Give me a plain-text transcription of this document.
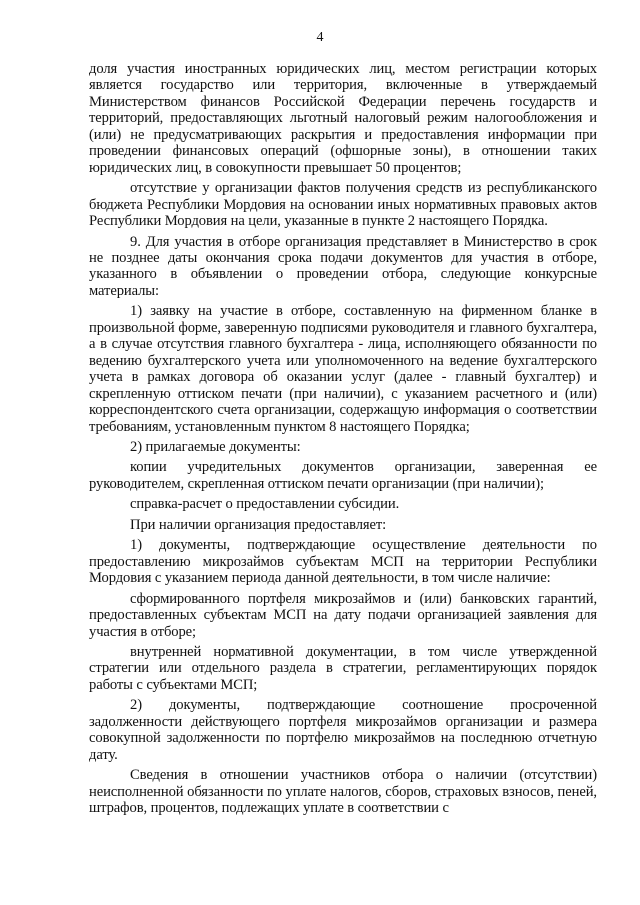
4

доля участия иностранных юридических лиц, местом регистрации которых является государство или территория, включенные в утверждаемый Министерством финансов Российской Федерации перечень государств и территорий, предоставляющих льготный налоговый режим налогообложения и (или) не предусматривающих раскрытия и предоставления информации при проведении финансовых операций (офшорные зоны), в отношении таких юридических лиц, в совокупности превышает 50 процентов;

отсутствие у организации фактов получения средств из республиканского бюджета Республики Мордовия на основании иных нормативных правовых актов Республики Мордовия на цели, указанные в пункте 2 настоящего Порядка.

9. Для участия в отборе организация представляет в Министерство в срок не позднее даты окончания срока подачи документов для участия в отборе, указанного в объявлении о проведении отбора, следующие конкурсные материалы:

1) заявку на участие в отборе, составленную на фирменном бланке в произвольной форме, заверенную подписями руководителя и главного бухгалтера, а в случае отсутствия главного бухгалтера - лица, исполняющего обязанности по ведению бухгалтерского учета или уполномоченного на ведение бухгалтерского учета в рамках договора об оказании услуг (далее - главный бухгалтер) и скрепленную оттиском печати (при наличии), с указанием расчетного и (или) корреспондентского счета организации, содержащую информация о соответствии требованиям, установленным пунктом 8 настоящего Порядка;

2) прилагаемые документы:

копии учредительных документов организации, заверенная ее руководителем, скрепленная оттиском печати организации (при наличии);

справка-расчет о предоставлении субсидии.

При наличии организация предоставляет:

1) документы, подтверждающие осуществление деятельности по предоставлению микрозаймов субъектам МСП на территории Республики Мордовия с указанием периода данной деятельности, в том числе наличие:

сформированного портфеля микрозаймов и (или) банковских гарантий, предоставленных субъектам МСП на дату подачи организацией заявления для участия в отборе;

внутренней нормативной документации, в том числе утвержденной стратегии или отдельного раздела в стратегии, регламентирующих порядок работы с субъектами МСП;

2) документы, подтверждающие соотношение просроченной задолженности действующего портфеля микрозаймов организации и размера совокупной задолженности по портфелю микрозаймов на последнюю отчетную дату.

Сведения в отношении участников отбора о наличии (отсутствии) неисполненной обязанности по уплате налогов, сборов, страховых взносов, пеней, штрафов, процентов, подлежащих уплате в соответствии с
